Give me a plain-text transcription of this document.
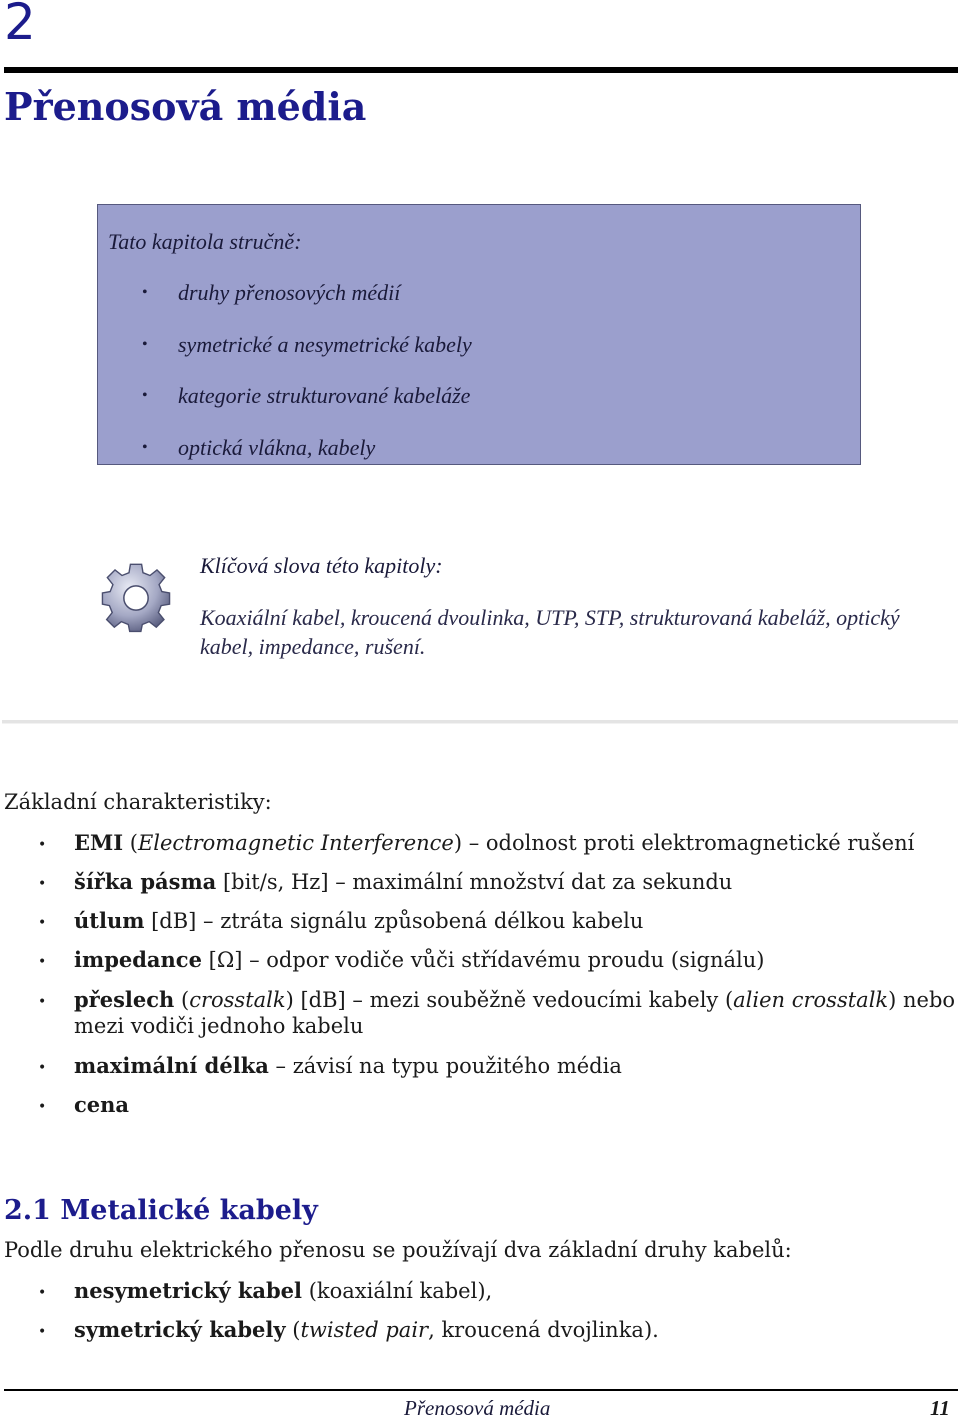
2
Přenosová média
Tato kapitola stručně:
• druhy přenosových médií
• symetrické a nesymetrické kabely
• kategorie strukturované kabeláže
• optická vlákna, kabely
Klíčová slova této kapitoly:
Koaxiální kabel, kroucená dvoulinka, UTP, STP, strukturovaná kabeláž, optický kabel, impedance, rušení.
Základní charakteristiky:
• EMI (Electromagnetic Interference) – odolnost proti elektromagnetické rušení
• šířka pásma [bit/s, Hz] – maximální množství dat za sekundu
• útlum [dB] – ztráta signálu způsobená délkou kabelu
• impedance [Ω] – odpor vodiče vůči střídavému proudu (signálu)
• přeslech (crosstalk) [dB] – mezi souběžně vedoucími kabely (alien crosstalk) nebo mezi vodiči jednoho kabelu
• maximální délka – závisí na typu použitého média
• cena
2.1 Metalické kabely
Podle druhu elektrického přenosu se používají dva základní druhy kabelů:
• nesymetrický kabel (koaxiální kabel),
• symetrický kabely (twisted pair, kroucená dvojlinka).
Přenosová média	11
